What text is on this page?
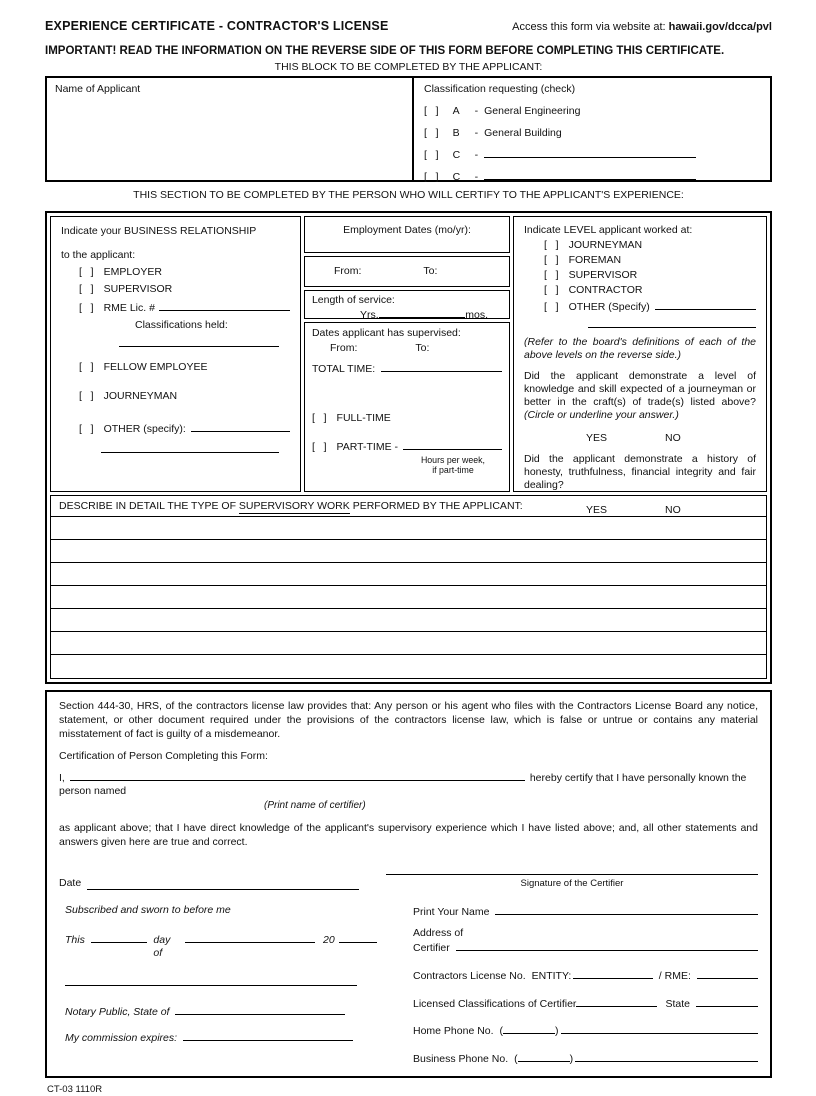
EXPERIENCE CERTIFICATE - CONTRACTOR'S LICENSE	Access this form via website at: hawaii.gov/dcca/pvl
IMPORTANT! READ THE INFORMATION ON THE REVERSE SIDE OF THIS FORM BEFORE COMPLETING THIS CERTIFICATE.
THIS BLOCK TO BE COMPLETED BY THE APPLICANT:
Name of Applicant	Classification requesting (check)
[   ] A	- General Engineering
[   ] B	- General Building
[   ] C	-
[   ] C	-
THIS SECTION TO BE COMPLETED BY THE PERSON WHO WILL CERTIFY TO THE APPLICANT'S EXPERIENCE:
Indicate your BUSINESS RELATIONSHIP
to the applicant:
[   ] EMPLOYER
[   ] SUPERVISOR
[   ] RME Lic. #
Classifications held:
[   ] FELLOW EMPLOYEE
[   ] JOURNEYMAN
[   ] OTHER (specify):
Employment Dates (mo/yr):
From:	To:
Length of service:
Yrs.	mos.
Dates applicant has supervised:
From:	To:
TOTAL TIME:
[   ] FULL-TIME
[   ] PART-TIME -
Hours per week,
if part-time
Indicate LEVEL applicant worked at:
[   ] JOURNEYMAN
[   ] FOREMAN
[   ] SUPERVISOR
[   ] CONTRACTOR
[   ] OTHER (Specify)

(Refer to the board's definitions of each of the above levels on the reverse side.)

Did the applicant demonstrate a level of knowledge and skill expected of a journeyman or better in the craft(s) of trade(s) listed above? (Circle or underline your answer.)

YES	NO

Did the applicant demonstrate a history of honesty, truthfulness, financial integrity and fair dealing?

YES	NO
DESCRIBE IN DETAIL THE TYPE OF SUPERVISORY WORK PERFORMED BY THE APPLICANT:
Section 444-30, HRS, of the contractors license law provides that: Any person or his agent who files with the Contractors License Board any notice, statement, or other document required under the provisions of the contractors license law, which is false or untrue or contains any material misstatement of fact is guilty of a misdemeanor.
Certification of Person Completing this Form:
I,	hereby certify that I have personally known the person named
(Print name of certifier)
as applicant above; that I have direct knowledge of the applicant's supervisory experience which I have listed above; and, all other statements and answers given here are true and correct.
Date	Signature of the Certifier
Subscribed and sworn to before me
This	day of
20
Notary Public, State of
My commission expires:
Print Your Name
Address of
Certifier
Contractors License No. ENTITY:	/ RME:
Licensed Classifications of Certifier	State
Home Phone No. (	)
Business Phone No. (	)
CT-03 1110R
